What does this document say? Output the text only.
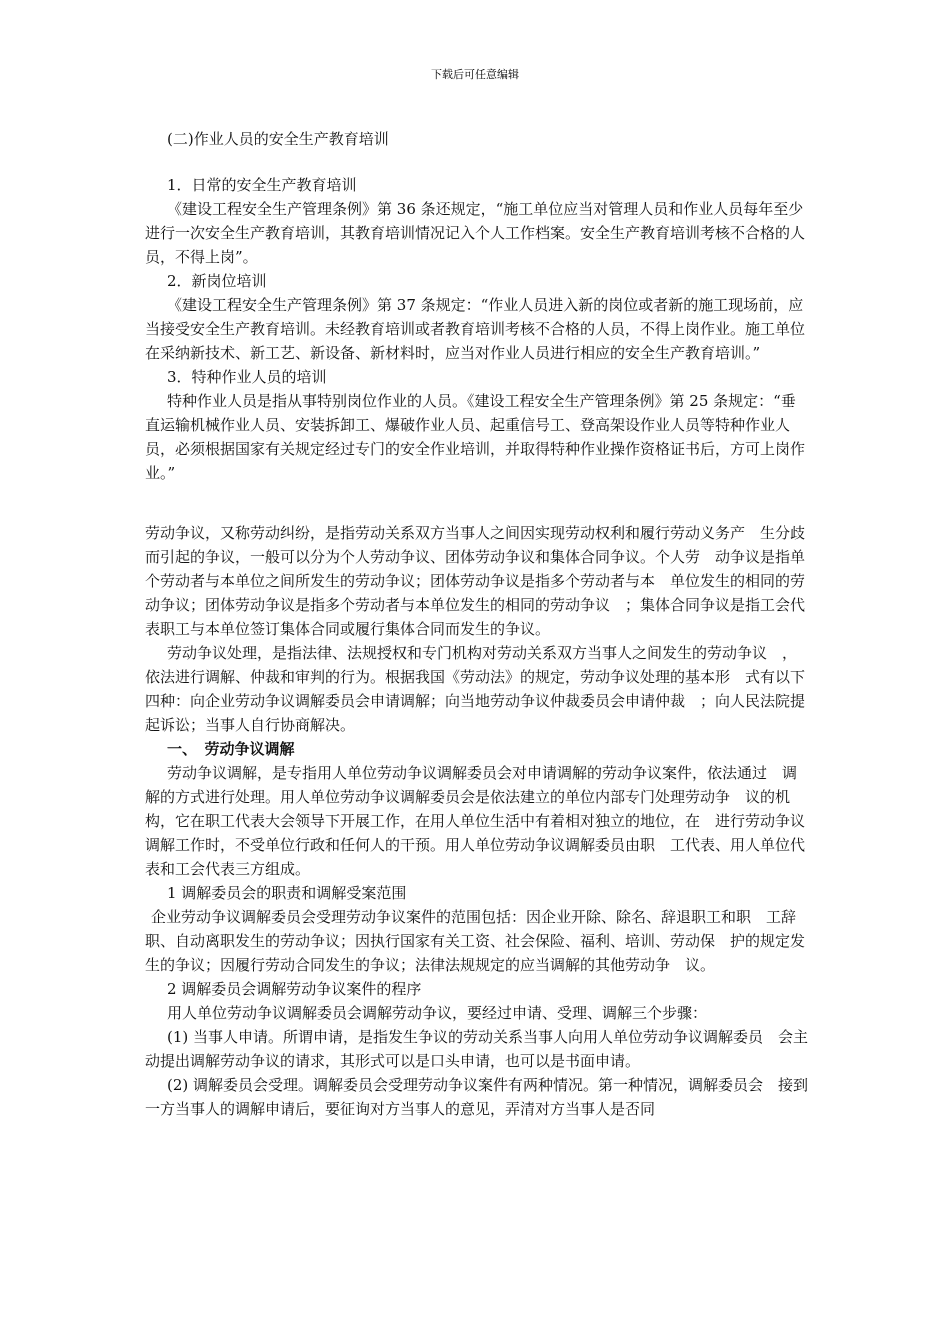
下载后可任意编辑

(二)作业人员的安全生产教育培训

1．日常的安全生产教育培训

《建设工程安全生产管理条例》第 36 条还规定，“施工单位应当对管理人员和作业人员每年至少进行一次安全生产教育培训，其教育培训情况记入个人工作档案。安全生产教育培训考核不合格的人员，不得上岗”。

2．新岗位培训

《建设工程安全生产管理条例》第 37 条规定：“作业人员进入新的岗位或者新的施工现场前，应当接受安全生产教育培训。未经教育培训或者教育培训考核不合格的人员，不得上岗作业。施工单位在采纳新技术、新工艺、新设备、新材料时，应当对作业人员进行相应的安全生产教育培训。”

3．特种作业人员的培训

特种作业人员是指从事特别岗位作业的人员。《建设工程安全生产管理条例》第 25 条规定：“垂直运输机械作业人员、安装拆卸工、爆破作业人员、起重信号工、登高架设作业人员等特种作业人员，必须根据国家有关规定经过专门的安全作业培训，并取得特种作业操作资格证书后，方可上岗作业。”

劳动争议，又称劳动纠纷，是指劳动关系双方当事人之间因实现劳动权利和履行劳动义务产　生分歧而引起的争议，一般可以分为个人劳动争议、团体劳动争议和集体合同争议。个人劳　动争议是指单个劳动者与本单位之间所发生的劳动争议；团体劳动争议是指多个劳动者与本　单位发生的相同的劳动争议；团体劳动争议是指多个劳动者与本单位发生的相同的劳动争议　；集体合同争议是指工会代表职工与本单位签订集体合同或履行集体合同而发生的争议。

劳动争议处理，是指法律、法规授权和专门机构对劳动关系双方当事人之间发生的劳动争议　，依法进行调解、仲裁和审判的行为。根据我国《劳动法》的规定，劳动争议处理的基本形　式有以下四种：向企业劳动争议调解委员会申请调解；向当地劳动争议仲裁委员会申请仲裁　；向人民法院提起诉讼；当事人自行协商解决。

一、　劳动争议调解

劳动争议调解，是专指用人单位劳动争议调解委员会对申请调解的劳动争议案件，依法通过　调解的方式进行处理。用人单位劳动争议调解委员会是依法建立的单位内部专门处理劳动争　议的机构，它在职工代表大会领导下开展工作，在用人单位生活中有着相对独立的地位，在　进行劳动争议调解工作时，不受单位行政和任何人的干预。用人单位劳动争议调解委员由职　工代表、用人单位代表和工会代表三方组成。

1 调解委员会的职责和调解受案范围

企业劳动争议调解委员会受理劳动争议案件的范围包括：因企业开除、除名、辞退职工和职　工辞职、自动离职发生的劳动争议；因执行国家有关工资、社会保险、福利、培训、劳动保　护的规定发生的争议；因履行劳动合同发生的争议；法律法规规定的应当调解的其他劳动争　议。

2 调解委员会调解劳动争议案件的程序

用人单位劳动争议调解委员会调解劳动争议，要经过申请、受理、调解三个步骤：

(1) 当事人申请。所谓申请，是指发生争议的劳动关系当事人向用人单位劳动争议调解委员　会主动提出调解劳动争议的请求，其形式可以是口头申请，也可以是书面申请。

(2) 调解委员会受理。调解委员会受理劳动争议案件有两种情况。第一种情况，调解委员会　接到一方当事人的调解申请后，要征询对方当事人的意见，弄清对方当事人是否同
